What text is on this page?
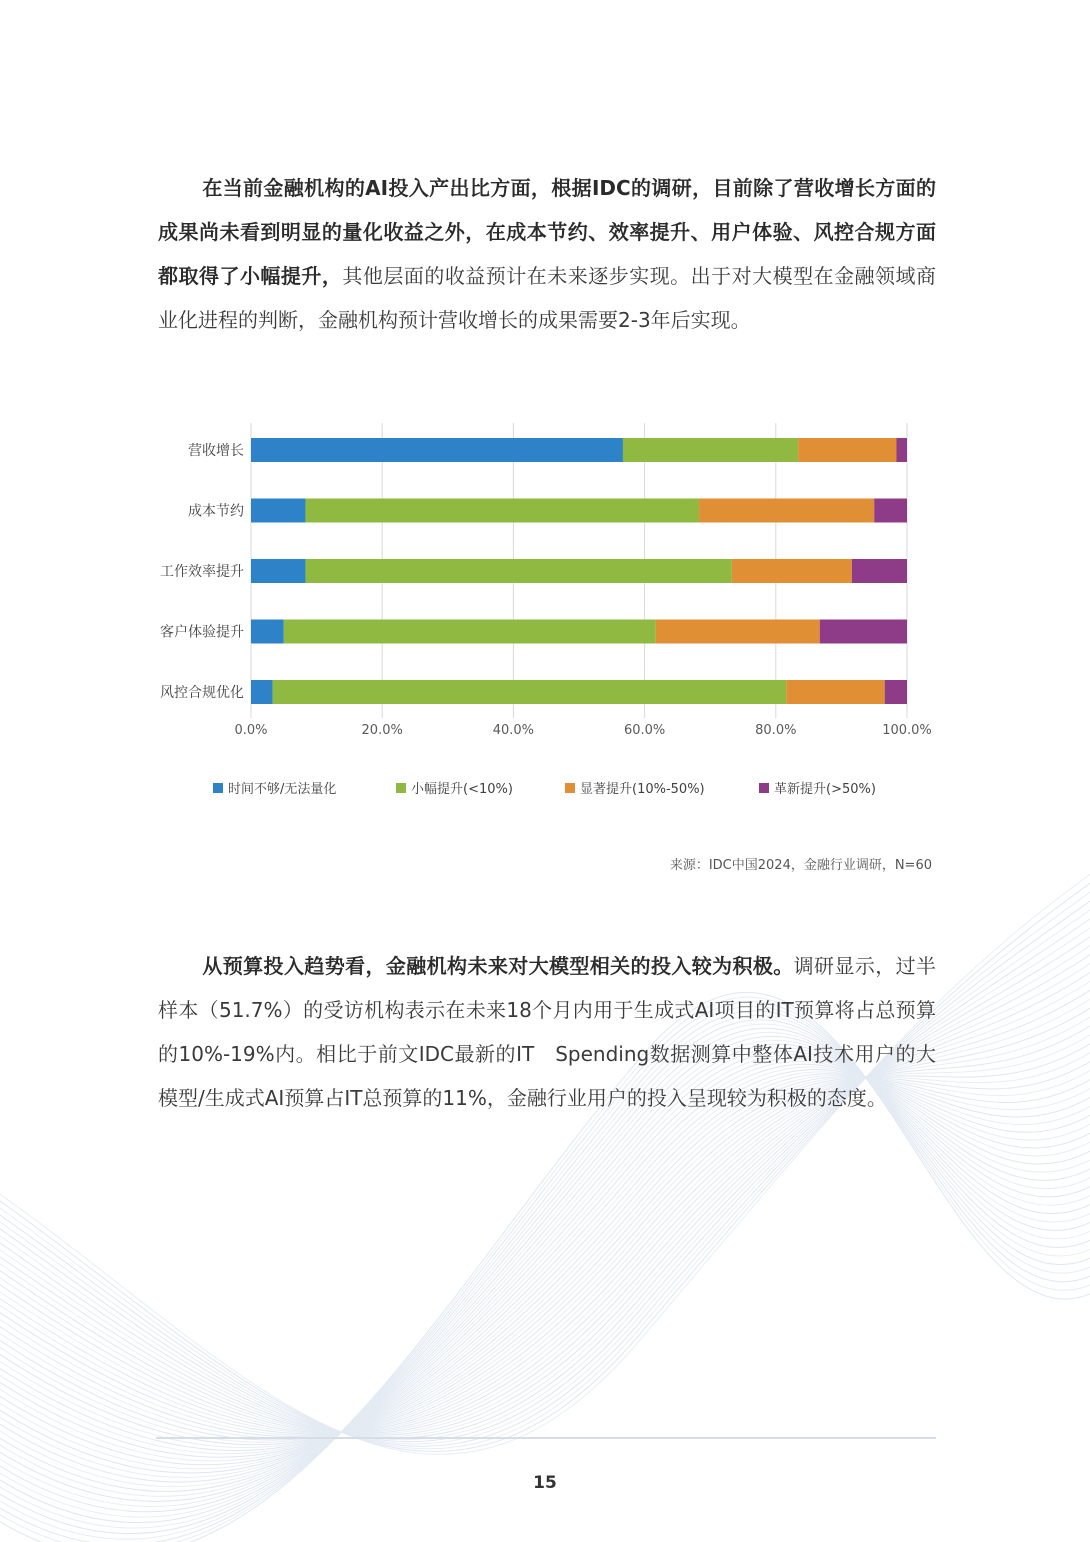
在当前金融机构的AI投入产出比方面，根据IDC的调研，目前除了营收增长方面的成果尚未看到明显的量化收益之外，在成本节约、效率提升、用户体验、风控合规方面都取得了小幅提升，其他层面的收益预计在未来逐步实现。出于对大模型在金融领域商业化进程的判断，金融机构预计营收增长的成果需要2-3年后实现。

营收增长
成本节约
工作效率提升
客户体验提升
风控合规优化
0.0%	20.0%	40.0%	60.0%	80.0%	100.0%
时间不够/无法量化	小幅提升(<10%)	显著提升(10%-50%)	革新提升(>50%)
来源：IDC中国2024，金融行业调研，N=60

从预算投入趋势看，金融机构未来对大模型相关的投入较为积极。调研显示，过半样本（51.7%）的受访机构表示在未来18个月内用于生成式AI项目的IT预算将占总预算的10%-19%内。相比于前文IDC最新的IT　Spending数据测算中整体AI技术用户的大模型/生成式AI预算占IT总预算的11%，金融行业用户的投入呈现较为积极的态度。

15
